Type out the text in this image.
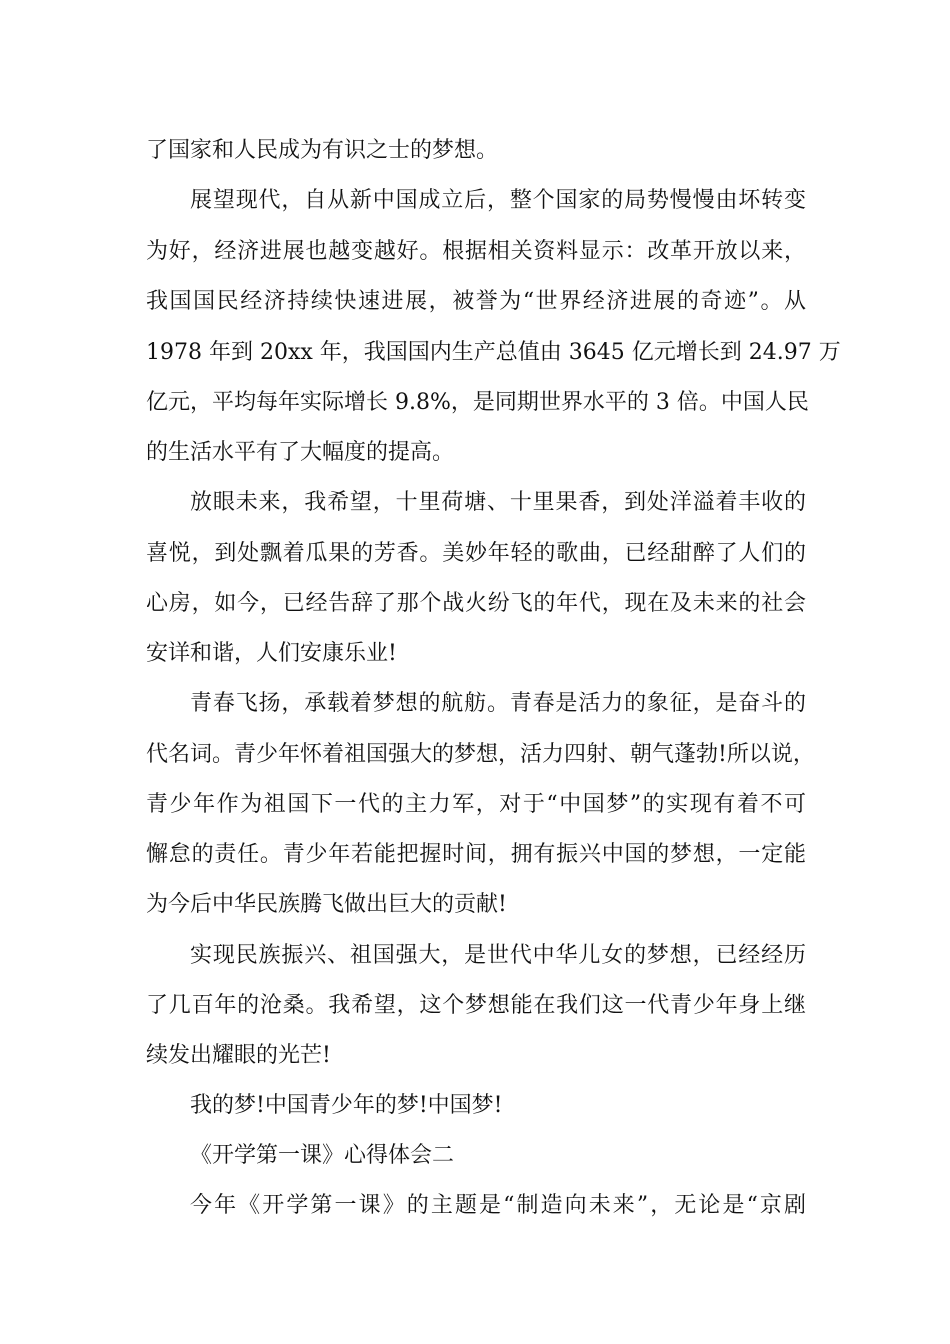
了国家和人民成为有识之士的梦想。
展望现代，自从新中国成立后，整个国家的局势慢慢由坏转变
为好，经济进展也越变越好。根据相关资料显示：改革开放以来，
我国国民经济持续快速进展，被誉为“世界经济进展的奇迹”。从
1978 年到 20xx 年，我国国内生产总值由 3645 亿元增长到 24.97 万
亿元，平均每年实际增长 9.8%，是同期世界水平的 3 倍。中国人民
的生活水平有了大幅度的提高。
放眼未来，我希望，十里荷塘、十里果香，到处洋溢着丰收的
喜悦，到处飘着瓜果的芳香。美妙年轻的歌曲，已经甜醉了人们的
心房，如今，已经告辞了那个战火纷飞的年代，现在及未来的社会
安详和谐，人们安康乐业!
青春飞扬，承载着梦想的航舫。青春是活力的象征，是奋斗的
代名词。青少年怀着祖国强大的梦想，活力四射、朝气蓬勃!所以说，
青少年作为祖国下一代的主力军，对于“中国梦”的实现有着不可
懈怠的责任。青少年若能把握时间，拥有振兴中国的梦想，一定能
为今后中华民族腾飞做出巨大的贡献!
实现民族振兴、祖国强大，是世代中华儿女的梦想，已经经历
了几百年的沧桑。我希望，这个梦想能在我们这一代青少年身上继
续发出耀眼的光芒!
我的梦!中国青少年的梦!中国梦!
《开学第一课》心得体会二
今年《开学第一课》的主题是“制造向未来”，无论是“京剧
